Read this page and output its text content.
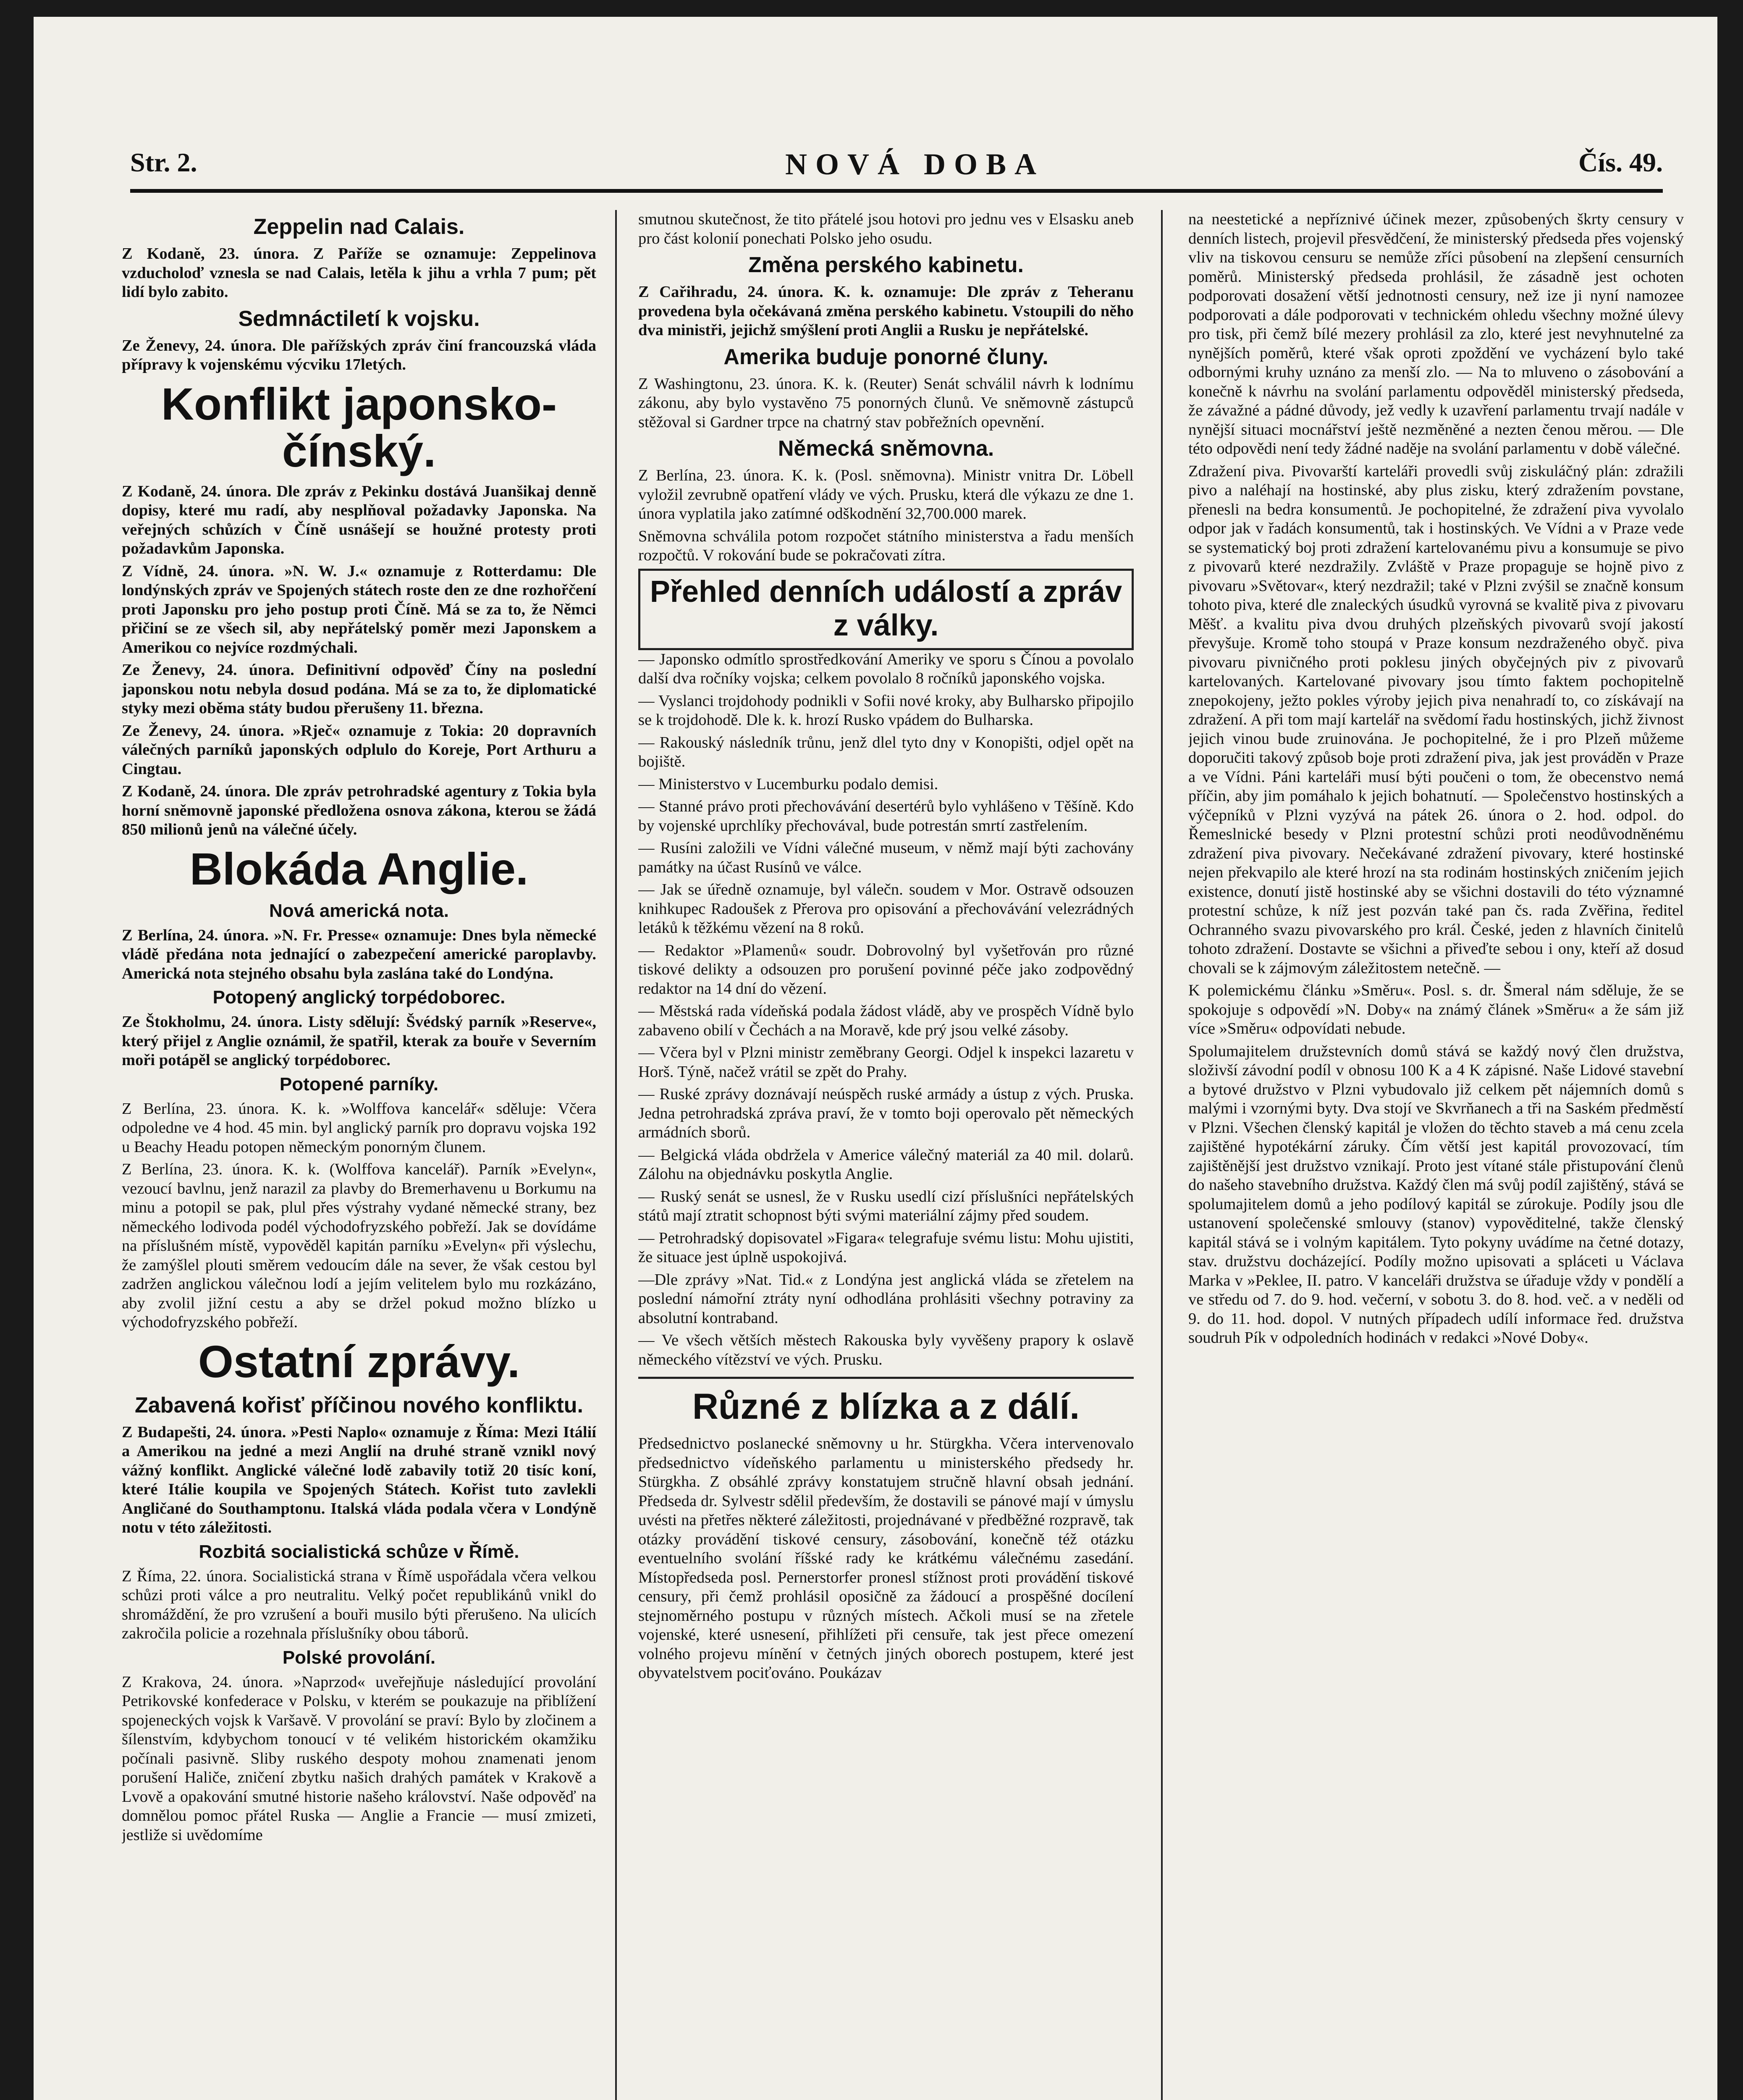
Str. 2.	NOVÁ DOBA	Čís. 49.
Zeppelin nad Calais.

Z Kodaně, 23. února. Z Paříže se oznamuje: Zeppelinova vzducholoď vznesla se nad Calais, letěla k jihu a vrhla 7 pum; pět lidí bylo zabito.

Sedmnáctiletí k vojsku.

Ze Ženevy, 24. února. Dle pařížských zpráv činí francouzská vláda přípravy k vojenskému výcviku 17letých.

Konflikt japonsko-čínský.

Z Kodaně, 24. února. Dle zpráv z Pekinku dostává Juanšikaj denně dopisy, které mu radí, aby nesplňoval požadavky Japonska. Na veřejných schůzích v Číně usnášejí se houžné protesty proti požadavkům Japonska.

Z Vídně, 24. února. »N. W. J.« oznamuje z Rotterdamu: Dle londýnských zpráv ve Spojených státech roste den ze dne rozhořčení proti Japonsku pro jeho postup proti Číně. Má se za to, že Němci přičiní se ze všech sil, aby nepřátelský poměr mezi Japonskem a Amerikou co nejvíce rozdmýchali.

Ze Ženevy, 24. února. Definitivní odpověď Číny na poslední japonskou notu nebyla dosud podána. Má se za to, že diplomatické styky mezi oběma státy budou přerušeny 11. března.

Ze Ženevy, 24. února. »Rječ« oznamuje z Tokia: 20 dopravních válečných parníků japonských odplulo do Koreje, Port Arthuru a Cingtau.

Z Kodaně, 24. února. Dle zpráv petrohradské agentury z Tokia byla horní sněmovně japonské předložena osnova zákona, kterou se žádá 850 milionů jenů na válečné účely.

Blokáda Anglie.
Nová americká nota.

Z Berlína, 24. února. »N. Fr. Presse« oznamuje: Dnes byla německé vládě předána nota jednající o zabezpečení americké paroplavby. Americká nota stejného obsahu byla zaslána také do Londýna.

Potopený anglický torpédoborec.

Ze Štokholmu, 24. února. Listy sdělují: Švédský parník »Reserve«, který přijel z Anglie oznámil, že spatřil, kterak za bouře v Severním moři potápěl se anglický torpédoborec.

Potopené parníky.

Z Berlína, 23. února. K. k. »Wolffova kancelář« sděluje: Včera odpoledne ve 4 hod. 45 min. byl anglický parník pro dopravu vojska 192 u Beachy Headu potopen německým ponorným člunem.

Z Berlína, 23. února. K. k. (Wolffova kancelář). Parník »Evelyn«, vezoucí bavlnu, jenž narazil za plavby do Bremerhavenu u Borkumu na minu a potopil se pak, plul přes výstrahy vydané německé strany, bez německého lodivoda podél východofryzského pobřeží. Jak se dovídáme na příslušném místě, vypověděl kapitán parníku »Evelyn« při výslechu, že zamýšlel plouti směrem vedoucím dále na sever, že však cestou byl zadržen anglickou válečnou lodí a jejím velitelem bylo mu rozkázáno, aby zvolil jižní cestu a aby se držel pokud možno blízko u východofryzského pobřeží.

Ostatní zprávy.
Zabavená kořisť příčinou nového konfliktu.

Z Budapešti, 24. února. »Pesti Naplo« oznamuje z Říma: Mezi Itálií a Amerikou na jedné a mezi Anglií na druhé straně vznikl nový vážný konflikt. Anglické válečné lodě zabavily totiž 20 tisíc koní, které Itálie koupila ve Spojených Státech. Kořist tuto zavlekli Angličané do Southamptonu. Italská vláda podala včera v Londýně notu v této záležitosti.

Rozbitá socialistická schůze v Římě.

Z Říma, 22. února. Socialistická strana v Římě uspořádala včera velkou schůzi proti válce a pro neutralitu. Velký počet republikánů vnikl do shromáždění, že pro vzrušení a bouři musilo býti přerušeno. Na ulicích zakročila policie a rozehnala příslušníky obou táborů.

Polské provolání.

Z Krakova, 24. února. »Naprzod« uveřejňuje následující provolání Petrikovské konfederace v Polsku, v kterém se poukazuje na přiblížení spojeneckých vojsk k Varšavě. V provolání se praví: Bylo by zločinem a šílenstvím, kdybychom tonoucí v té velikém historickém okamžiku počínali pasivně. Sliby ruského despoty mohou znamenati jenom porušení Haliče, zničení zbytku našich drahých památek v Krakově a Lvově a opakování smutné historie našeho království. Naše odpověď na domnělou pomoc přátel Ruska — Anglie a Francie — musí zmizeti, jestliže si uvědomíme

smutnou skutečnost, že tito přátelé jsou hotovi pro jednu ves v Elsasku aneb pro část kolonií ponechati Polsko jeho osudu.

Změna perského kabinetu.

Z Cařihradu, 24. února. K. k. oznamuje: Dle zpráv z Teheranu provedena byla očekávaná změna perského kabinetu. Vstoupili do něho dva ministři, jejichž smýšlení proti Anglii a Rusku je nepřátelské.

Amerika buduje ponorné čluny.

Z Washingtonu, 23. února. K. k. (Reuter) Senát schválil návrh k lodnímu zákonu, aby bylo vystavěno 75 ponorných člunů. Ve sněmovně zástupců stěžoval si Gardner trpce na chatrný stav pobřežních opevnění.

Německá sněmovna.

Z Berlína, 23. února. K. k. (Posl. sněmovna). Ministr vnitra Dr. Löbell vyložil zevrubně opatření vlády ve vých. Prusku, která dle výkazu ze dne 1. února vyplatila jako zatímné odškodnění 32,700.000 marek.

Sněmovna schválila potom rozpočet státního ministerstva a řadu menších rozpočtů. V rokování bude se pokračovati zítra.

Přehled denních událostí a zpráv z války.

— Japonsko odmítlo sprostředkování Ameriky ve sporu s Čínou a povolalo další dva ročníky vojska; celkem povolalo 8 ročníků japonského vojska.

— Vyslanci trojdohody podnikli v Sofii nové kroky, aby Bulharsko připojilo se k trojdohodě. Dle k. k. hrozí Rusko vpádem do Bulharska.

— Rakouský následník trůnu, jenž dlel tyto dny v Konopišti, odjel opět na bojiště.

— Ministerstvo v Lucemburku podalo demisi.

— Stanné právo proti přechovávání desertérů bylo vyhlášeno v Těšíně. Kdo by vojenské uprchlíky přechovával, bude potrestán smrtí zastřelením.

— Rusíni založili ve Vídni válečné museum, v němž mají býti zachovány památky na účast Rusínů ve válce.

— Jak se úředně oznamuje, byl válečn. soudem v Mor. Ostravě odsouzen knihkupec Radoušek z Přerova pro opisování a přechovávání velezrádných letáků k těžkému vězení na 8 roků.

— Redaktor »Plamenů« soudr. Dobrovolný byl vyšetřován pro různé tiskové delikty a odsouzen pro porušení povinné péče jako zodpovědný redaktor na 14 dní do vězení.

— Městská rada vídeňská podala žádost vládě, aby ve prospěch Vídně bylo zabaveno obilí v Čechách a na Moravě, kde prý jsou velké zásoby.

— Včera byl v Plzni ministr zeměbrany Georgi. Odjel k inspekci lazaretu v Horš. Týně, načež vrátil se zpět do Prahy.

— Ruské zprávy doznávají neúspěch ruské armády a ústup z vých. Pruska. Jedna petrohradská zpráva praví, že v tomto boji operovalo pět německých armádních sborů.

— Belgická vláda obdržela v Americe válečný materiál za 40 mil. dolarů. Zálohu na objednávku poskytla Anglie.

— Ruský senát se usnesl, že v Rusku usedlí cizí příslušníci nepřátelských států mají ztratit schopnost býti svými materiální zájmy před soudem.

— Petrohradský dopisovatel »Figara« telegrafuje svému listu: Mohu ujistiti, že situace jest úplně uspokojivá.

—Dle zprávy »Nat. Tid.« z Londýna jest anglická vláda se zřetelem na poslední námořní ztráty nyní odhodlána prohlásiti všechny potraviny za absolutní kontraband.

— Ve všech větších městech Rakouska byly vyvěšeny prapory k oslavě německého vítězství ve vých. Prusku.

Různé z blízka a z dálí.

Předsednictvo poslanecké sněmovny u hr. Stürgkha. Včera intervenovalo předsednictvo vídeňského parlamentu u ministerského předsedy hr. Stürgkha. Z obsáhlé zprávy konstatujem stručně hlavní obsah jednání. Předseda dr. Sylvestr sdělil především, že dostavili se pánové mají v úmyslu uvésti na přetřes některé záležitosti, projednávané v předběžné rozpravě, tak otázky provádění tiskové censury, zásobování, konečně též otázku eventuelního svolání říšské rady ke krátkému válečnému zasedání. Místopředseda posl. Pernerstorfer pronesl stížnost proti provádění tiskové censury, při čemž prohlásil oposičně za žádoucí a prospěšné docílení stejnoměrného postupu v různých místech. Ačkoli musí se na zřetele vojenské, které usnesení, přihlížeti při censuře, tak jest přece omezení volného projevu mínění v četných jiných oborech postupem, které jest obyvatelstvem pociťováno. Poukázav

na neestetické a nepříznivé účinek mezer, způsobených škrty censury v denních listech, projevil přesvědčení, že ministerský předseda přes vojenský vliv na tiskovou censuru se nemůže zříci působení na zlepšení censurních poměrů. Ministerský předseda prohlásil, že zásadně jest ochoten podporovati dosažení větší jednotnosti censury, než ize ji nyní namozee podporovati a dále podporovati v technickém ohledu všechny možné úlevy pro tisk, při čemž bílé mezery prohlásil za zlo, které jest nevyhnutelné za nynějších poměrů, které však oproti zpoždění ve vycházení bylo také odbornými kruhy uznáno za menší zlo. — Na to mluveno o zásobování a konečně k návrhu na svolání parlamentu odpověděl ministerský předseda, že závažné a pádné důvody, jež vedly k uzavření parlamentu trvají nadále v nynější situaci mocnářství ještě nezměněné a nezten čenou měrou. — Dle této odpovědi není tedy žádné naděje na svolání parlamentu v době válečné.

Zdražení piva. Pivovarští karteláři provedli svůj ziskuláčný plán: zdražili pivo a naléhají na hostinské, aby plus zisku, který zdražením povstane, přenesli na bedra konsumentů. Je pochopitelné, že zdražení piva vyvolalo odpor jak v řadách konsumentů, tak i hostinských. Ve Vídni a v Praze vede se systematický boj proti zdražení kartelovanému pivu a konsumuje se pivo z pivovarů které nezdražily. Zvláště v Praze propaguje se hojně pivo z pivovaru »Světovar«, který nezdražil; také v Plzni zvýšil se značně konsum tohoto piva, které dle znaleckých úsudků vyrovná se kvalitě piva z pivovaru Měšť. a kvalitu piva dvou druhých plzeňských pivovarů svojí jakostí převyšuje. Kromě toho stoupá v Praze konsum nezdraženého obyč. piva pivovaru pivničného proti poklesu jiných obyčejných piv z pivovarů kartelovaných. Kartelované pivovary jsou tímto faktem pochopitelně znepokojeny, ježto pokles výroby jejich piva nenahradí to, co získávají na zdražení. A při tom mají kartelář na svědomí řadu hostinských, jichž živnost jejich vinou bude zruinována. Je pochopitelné, že i pro Plzeň můžeme doporučiti takový způsob boje proti zdražení piva, jak jest prováděn v Praze a ve Vídni. Páni karteláři musí býti poučeni o tom, že obecenstvo nemá příčin, aby jim pomáhalo k jejich bohatnutí. — Společenstvo hostinských a výčepníků v Plzni vyzývá na pátek 26. února o 2. hod. odpol. do Řemeslnické besedy v Plzni protestní schůzi proti neodůvodněnému zdražení piva pivovary. Nečekávané zdražení pivovary, které hostinské nejen překvapilo ale které hrozí na sta rodinám hostinských zničením jejich existence, donutí jistě hostinské aby se všichni dostavili do této významné protestní schůze, k níž jest pozván také pan čs. rada Zvěřina, ředitel Ochranného svazu pivovarského pro král. České, jeden z hlavních činitelů tohoto zdražení. Dostavte se všichni a přiveďte sebou i ony, kteří až dosud chovali se k zájmovým záležitostem netečně. —

K polemickému článku »Směru«. Posl. s. dr. Šmeral nám sděluje, že se spokojuje s odpovědí »N. Doby« na známý článek »Směru« a že sám již více »Směru« odpovídati nebude.

Spolumajitelem družstevních domů stává se každý nový člen družstva, složivší závodní podíl v obnosu 100 K a 4 K zápisné. Naše Lidové stavební a bytové družstvo v Plzni vybudovalo již celkem pět nájemních domů s malými i vzornými byty. Dva stojí ve Skvrňanech a tři na Saském předměstí v Plzni. Všechen členský kapitál je vložen do těchto staveb a má cenu zcela zajištěné hypotékární záruky. Čím větší jest kapitál provozovací, tím zajištěnější jest družstvo vznikají. Proto jest vítané stále přistupování členů do našeho stavebního družstva. Každý člen má svůj podíl zajištěný, stává se spolumajitelem domů a jeho podílový kapitál se zúrokuje. Podíly jsou dle ustanovení společenské smlouvy (stanov) vypověditelné, takže členský kapitál stává se i volným kapitálem. Tyto pokyny uvádíme na četné dotazy, stav. družstvu docházející. Podíly možno upisovati a spláceti u Václava Marka v »Peklee, II. patro. V kanceláři družstva se úřaduje vždy v pondělí a ve středu od 7. do 9. hod. večerní, v sobotu 3. do 8. hod. več. a v neděli od 9. do 11. hod. dopol. V nutných případech udílí informace řed. družstva soudruh Pík v odpoledních hodinách v redakci »Nové Doby«.
